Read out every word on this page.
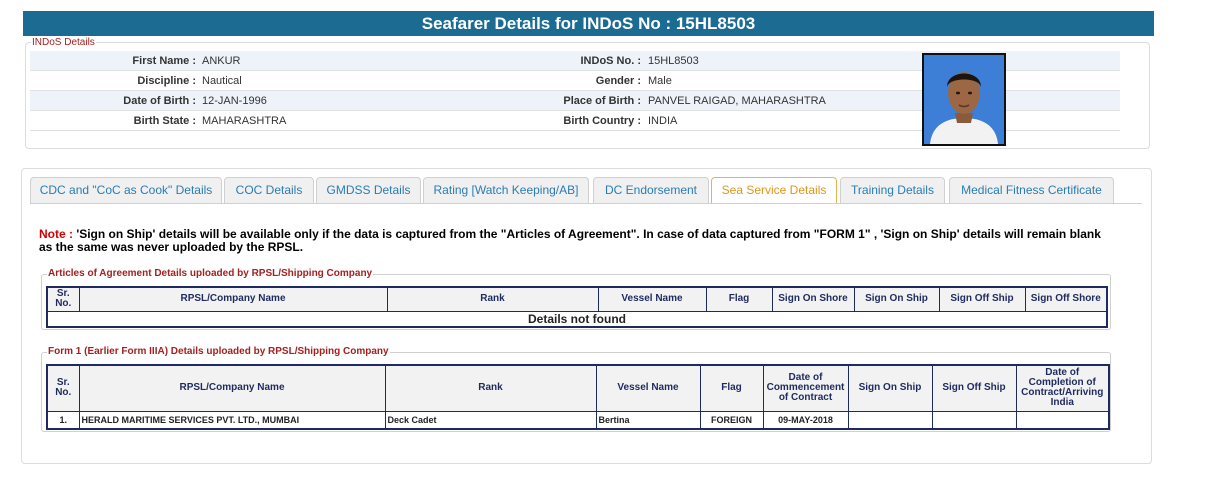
Seafarer Details for INDoS No : 15HL8503
INDoS Details
First Name : ANKUR	INDoS No. : 15HL8503
Discipline : Nautical	Gender : Male
Date of Birth : 12-JAN-1996	Place of Birth : PANVEL RAIGAD, MAHARASHTRA
Birth State : MAHARASHTRA	Birth Country : INDIA
CDC and "CoC as Cook" Details	COC Details	GMDSS Details	Rating [Watch Keeping/AB]	DC Endorsement	Sea Service Details	Training Details	Medical Fitness Certificate
Note : 'Sign on Ship' details will be available only if the data is captured from the "Articles of Agreement". In case of data captured from "FORM 1" , 'Sign on Ship' details will remain blank as the same was never uploaded by the RPSL.
Articles of Agreement Details uploaded by RPSL/Shipping Company
Sr. No.	RPSL/Company Name	Rank	Vessel Name	Flag	Sign On Shore	Sign On Ship	Sign Off Ship	Sign Off Shore
Details not found
Form 1 (Earlier Form IIIA) Details uploaded by RPSL/Shipping Company
Sr. No.	RPSL/Company Name	Rank	Vessel Name	Flag	Date of Commencement of Contract	Sign On Ship	Sign Off Ship	Date of Completion of Contract/Arriving India
1.	HERALD MARITIME SERVICES PVT. LTD., MUMBAI	Deck Cadet	Bertina	FOREIGN	09-MAY-2018			
